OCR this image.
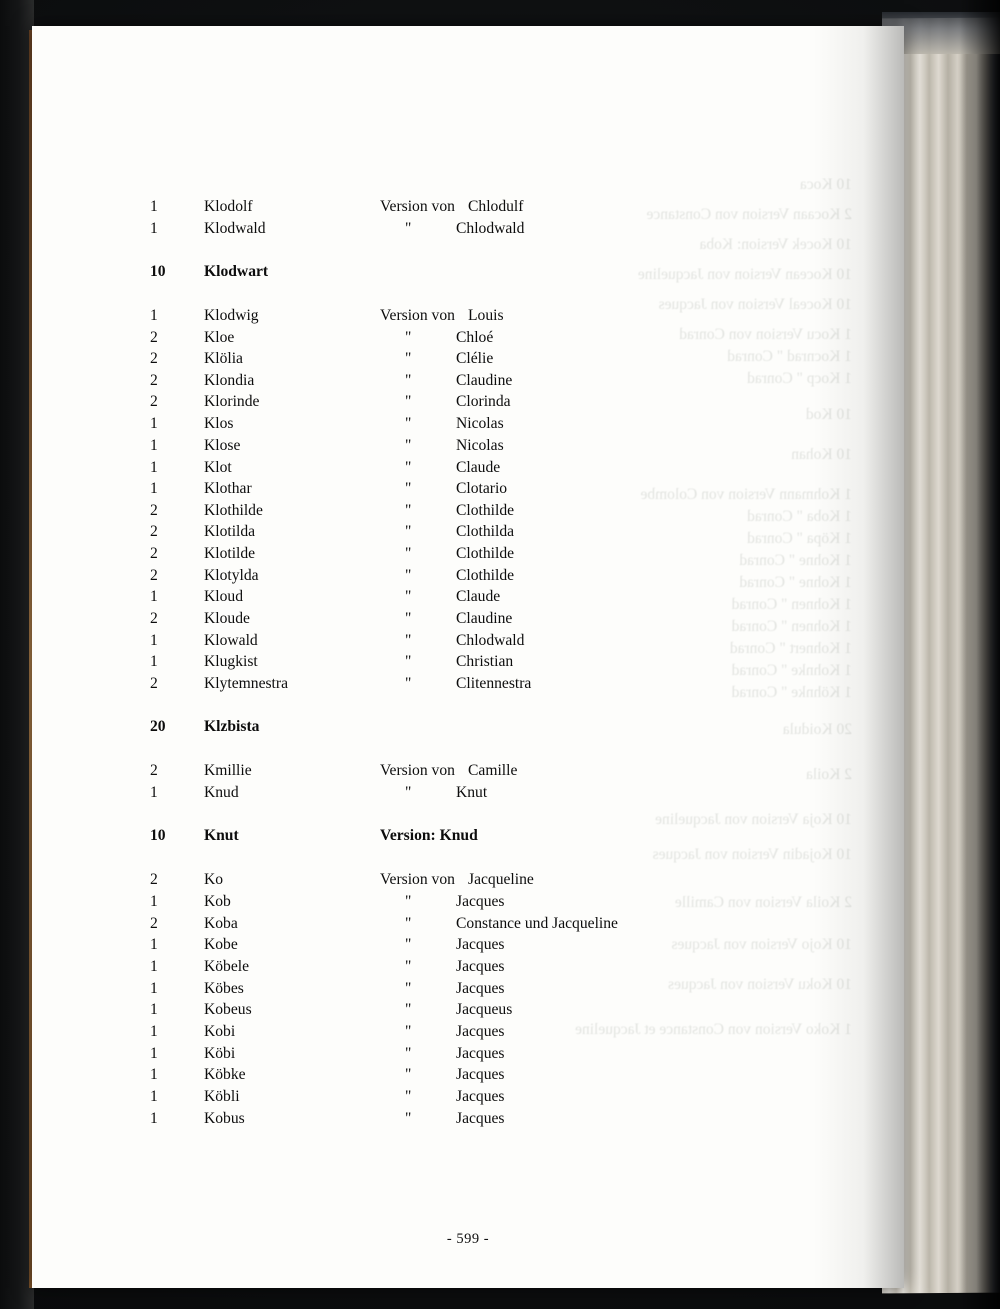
10 Koca
2 Kocaan Version von Constance
10 Kocek Version: Koba
10 Kocean Version von Jacqueline
10 Koceal Version von Jacques
1 Kocu Version von Conrad
1 Kocnrad " Conrad
1 Kocp " Conrad
10 Kod
10 Kohan
1 Kohmann Version von Colombe
1 Koba " Conrad
1 Köpa " Conrad
1 Kohne " Conrad
1 Kohne " Conrad
1 Kohnen " Conrad
1 Kohnen " Conrad
1 Kohnert " Conrad
1 Kohnke " Conrad
1 Köhnke " Conrad
20 Koidula
2 Koila
10 Koja Version von Jacqueline
10 Kojadin Version von Jacques
2 Koila Version von Camille
10 Kojo Version von Jacques
10 Koku Version von Jacques
1 Koko Version von Constance et Jacqueline
1	Klodolf	Version von Chlodulf
1	Klodwald	"	Chlodwald
10	Klodwart
1	Klodwig	Version von Louis
2	Kloe	"	Chloé
2	Klölia	"	Clélie
2	Klondia	"	Claudine
2	Klorinde	"	Clorinda
1	Klos	"	Nicolas
1	Klose	"	Nicolas
1	Klot	"	Claude
1	Klothar	"	Clotario
2	Klothilde	"	Clothilde
2	Klotilda	"	Clothilda
2	Klotilde	"	Clothilde
2	Klotylda	"	Clothilde
1	Kloud	"	Claude
2	Kloude	"	Claudine
1	Klowald	"	Chlodwald
1	Klugkist	"	Christian
2	Klytemnestra	"	Clitennestra
20	Klzbista
2	Kmillie	Version von Camille
1	Knud	"	Knut
10	Knut	Version: Knud
2	Ko	Version von Jacqueline
1	Kob	"	Jacques
2	Koba	"	Constance und Jacqueline
1	Kobe	"	Jacques
1	Köbele	"	Jacques
1	Köbes	"	Jacques
1	Kobeus	"	Jacqueus
1	Kobi	"	Jacques
1	Köbi	"	Jacques
1	Köbke	"	Jacques
1	Köbli	"	Jacques
1	Kobus	"	Jacques
- 599 -
